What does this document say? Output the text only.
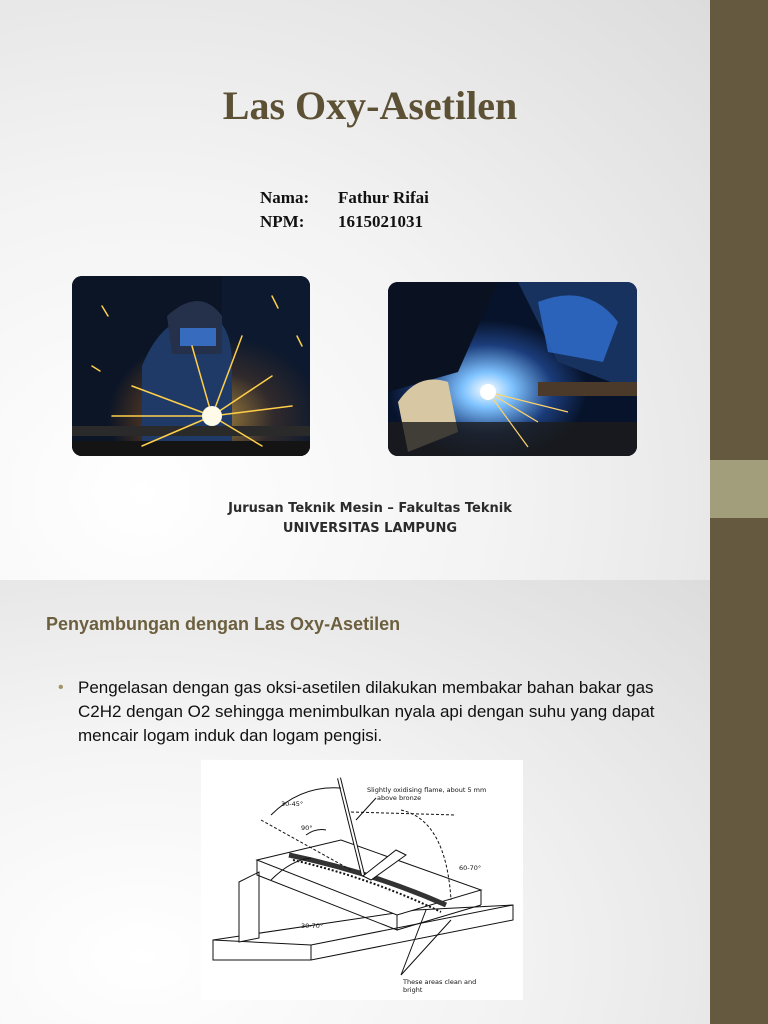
Las Oxy-Asetilen
Nama:	Fathur Rifai
NPM:	1615021031
Jurusan Teknik Mesin – Fakultas Teknik
UNIVERSITAS LAMPUNG
Penyambungan dengan Las Oxy-Asetilen
• Pengelasan dengan gas oksi-asetilen dilakukan membakar bahan bakar gas C2H2 dengan O2 sehingga menimbulkan nyala api dengan suhu yang dapat mencair logam induk dan logam pengisi.
Slightly oxidising flame, about 5 mm
above bronze
30-45°
90°
60-70°
30-70°
These areas clean and
bright
